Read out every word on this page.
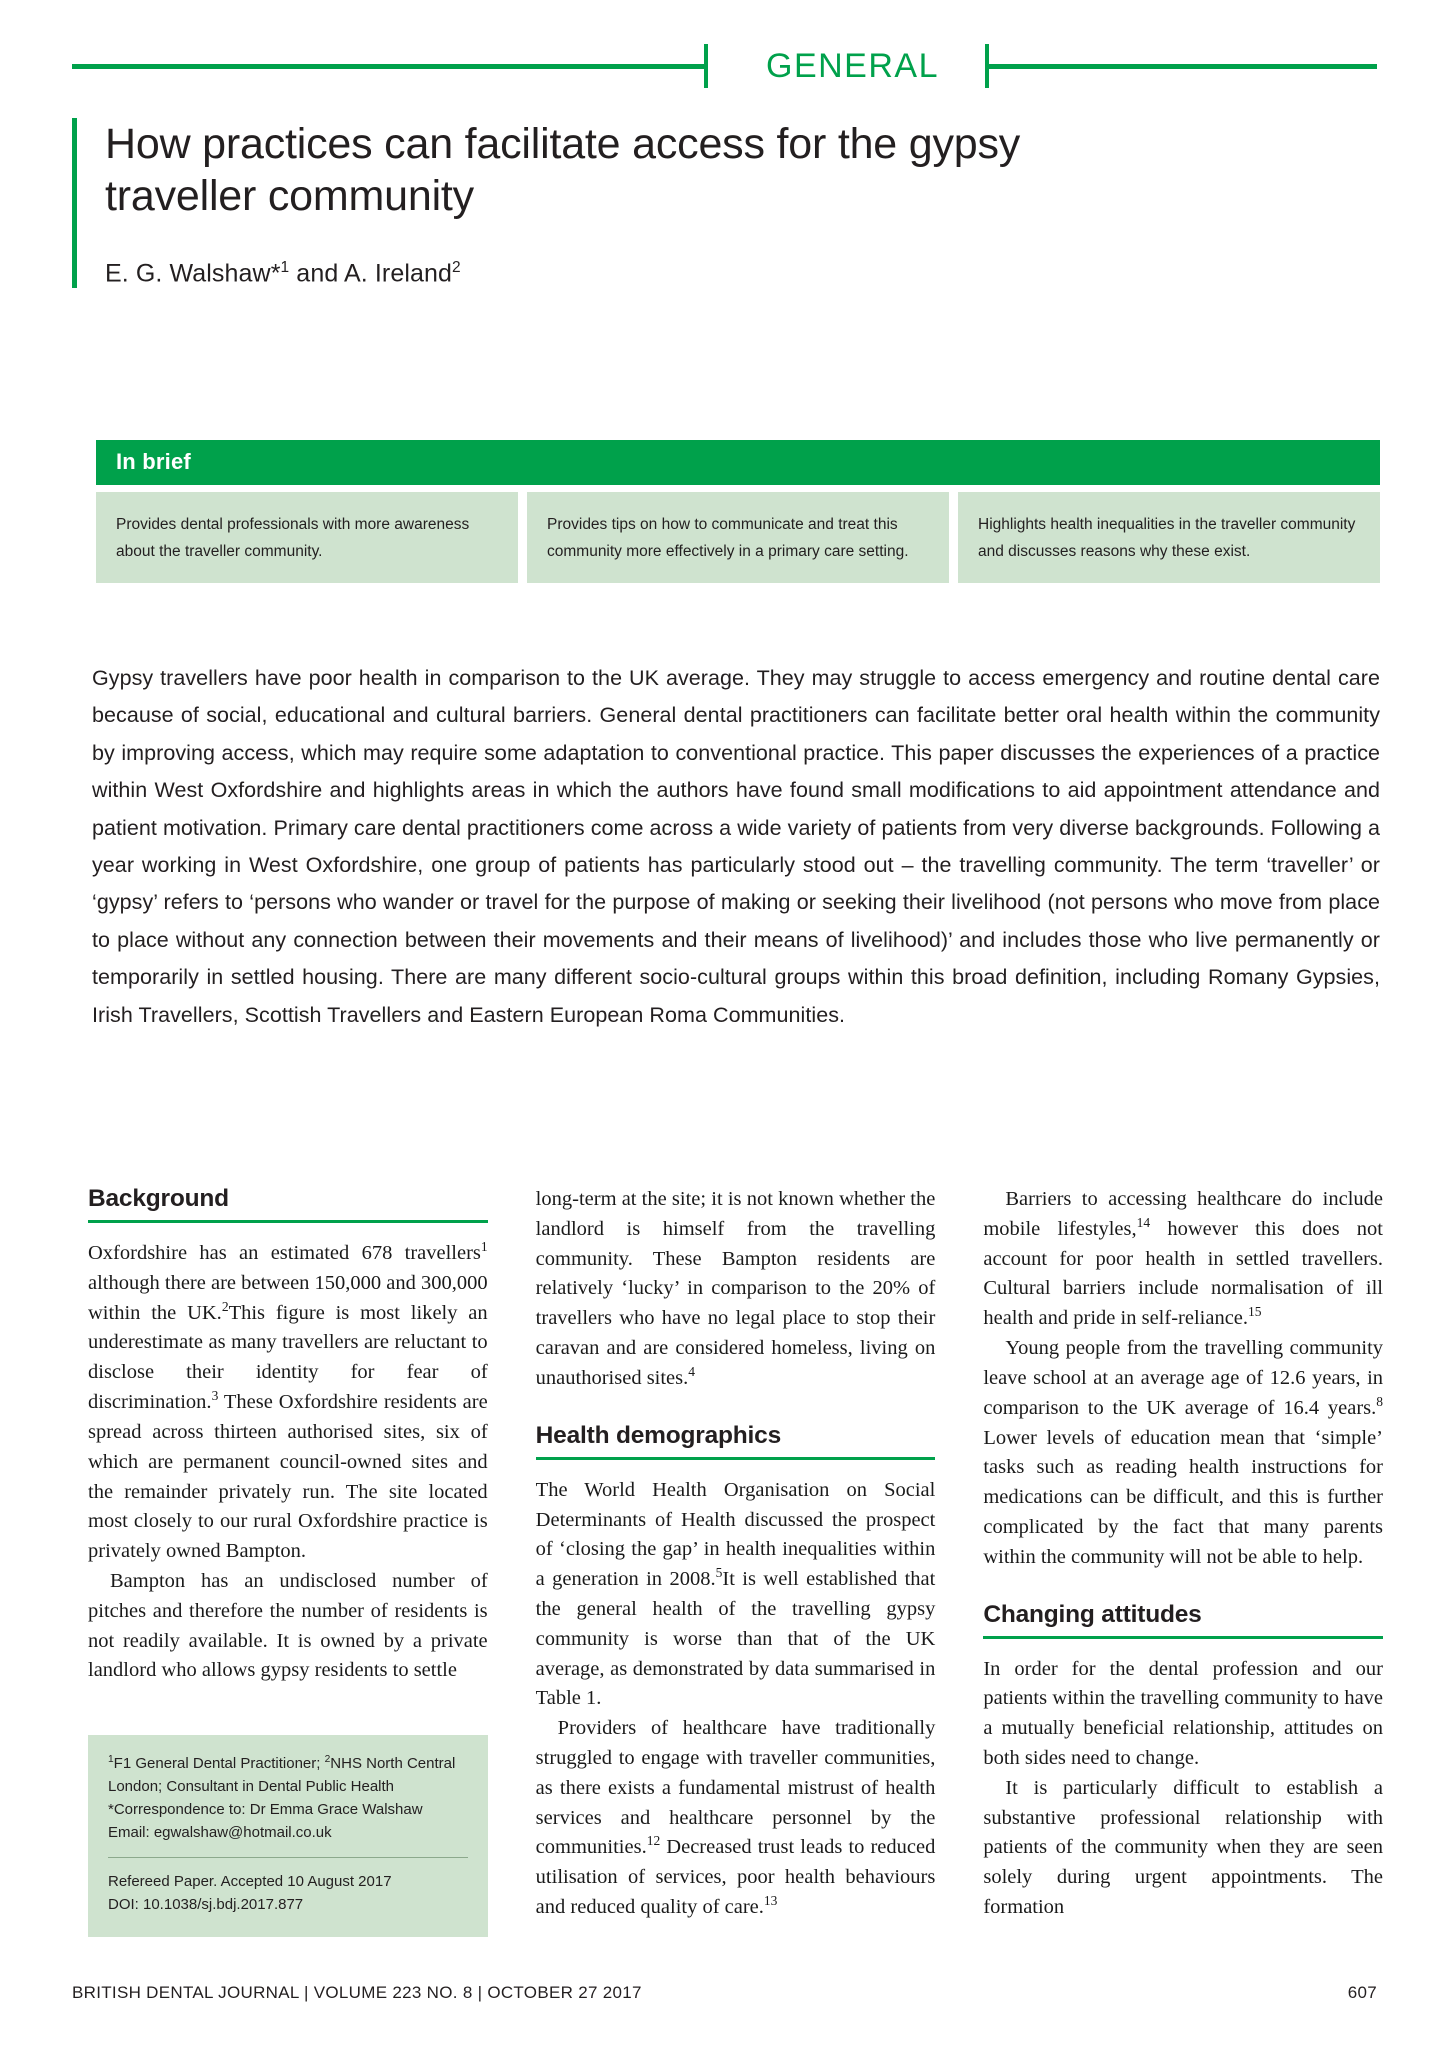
GENERAL
How practices can facilitate access for the gypsy traveller community
E. G. Walshaw*$^1$ and A. Ireland$^2$
In brief
Provides dental professionals with more awareness about the traveller community.
Provides tips on how to communicate and treat this community more effectively in a primary care setting.
Highlights health inequalities in the traveller community and discusses reasons why these exist.
Gypsy travellers have poor health in comparison to the UK average. They may struggle to access emergency and routine dental care because of social, educational and cultural barriers. General dental practitioners can facilitate better oral health within the community by improving access, which may require some adaptation to conventional practice. This paper discusses the experiences of a practice within West Oxfordshire and highlights areas in which the authors have found small modifications to aid appointment attendance and patient motivation. Primary care dental practitioners come across a wide variety of patients from very diverse backgrounds. Following a year working in West Oxfordshire, one group of patients has particularly stood out – the travelling community. The term ‘traveller’ or ‘gypsy’ refers to ‘persons who wander or travel for the purpose of making or seeking their livelihood (not persons who move from place to place without any connection between their movements and their means of livelihood)’ and includes those who live permanently or temporarily in settled housing. There are many different socio-cultural groups within this broad definition, including Romany Gypsies, Irish Travellers, Scottish Travellers and Eastern European Roma Communities.
Background

Oxfordshire has an estimated 678 travellers$^1$ although there are between 150,000 and 300,000 within the UK.$^2$This figure is most likely an underestimate as many travellers are reluctant to disclose their identity for fear of discrimination.$^3$ These Oxfordshire residents are spread across thirteen authorised sites, six of which are permanent council-owned sites and the remainder privately run. The site located most closely to our rural Oxfordshire practice is privately owned Bampton.

Bampton has an undisclosed number of pitches and therefore the number of residents is not readily available. It is owned by a private landlord who allows gypsy residents to settle

$^1$F1 General Dental Practitioner; $^2$NHS North Central London; Consultant in Dental Public Health

*Correspondence to: Dr Emma Grace Walshaw

Email: egwalshaw@hotmail.co.uk

Refereed Paper. Accepted 10 August 2017

DOI: 10.1038/sj.bdj.2017.877

long-term at the site; it is not known whether the landlord is himself from the travelling community. These Bampton residents are relatively ‘lucky’ in comparison to the 20% of travellers who have no legal place to stop their caravan and are considered homeless, living on unauthorised sites.$^4$

Health demographics

The World Health Organisation on Social Determinants of Health discussed the prospect of ‘closing the gap’ in health inequalities within a generation in 2008.$^5$It is well established that the general health of the travelling gypsy community is worse than that of the UK average, as demonstrated by data summarised in Table 1.

Providers of healthcare have traditionally struggled to engage with traveller communities, as there exists a fundamental mistrust of health services and healthcare personnel by the communities.$^{12}$ Decreased trust leads to reduced utilisation of services, poor health behaviours and reduced quality of care.$^{13}$

Barriers to accessing healthcare do include mobile lifestyles,$^{14}$ however this does not account for poor health in settled travellers. Cultural barriers include normalisation of ill health and pride in self-reliance.$^{15}$

Young people from the travelling community leave school at an average age of 12.6 years, in comparison to the UK average of 16.4 years.$^8$ Lower levels of education mean that ‘simple’ tasks such as reading health instructions for medications can be difficult, and this is further complicated by the fact that many parents within the community will not be able to help.

Changing attitudes

In order for the dental profession and our patients within the travelling community to have a mutually beneficial relationship, attitudes on both sides need to change.

It is particularly difficult to establish a substantive professional relationship with patients of the community when they are seen solely during urgent appointments. The formation

BRITISH DENTAL JOURNAL | VOLUME 223 NO. 8 | OCTOBER 27 2017	607
